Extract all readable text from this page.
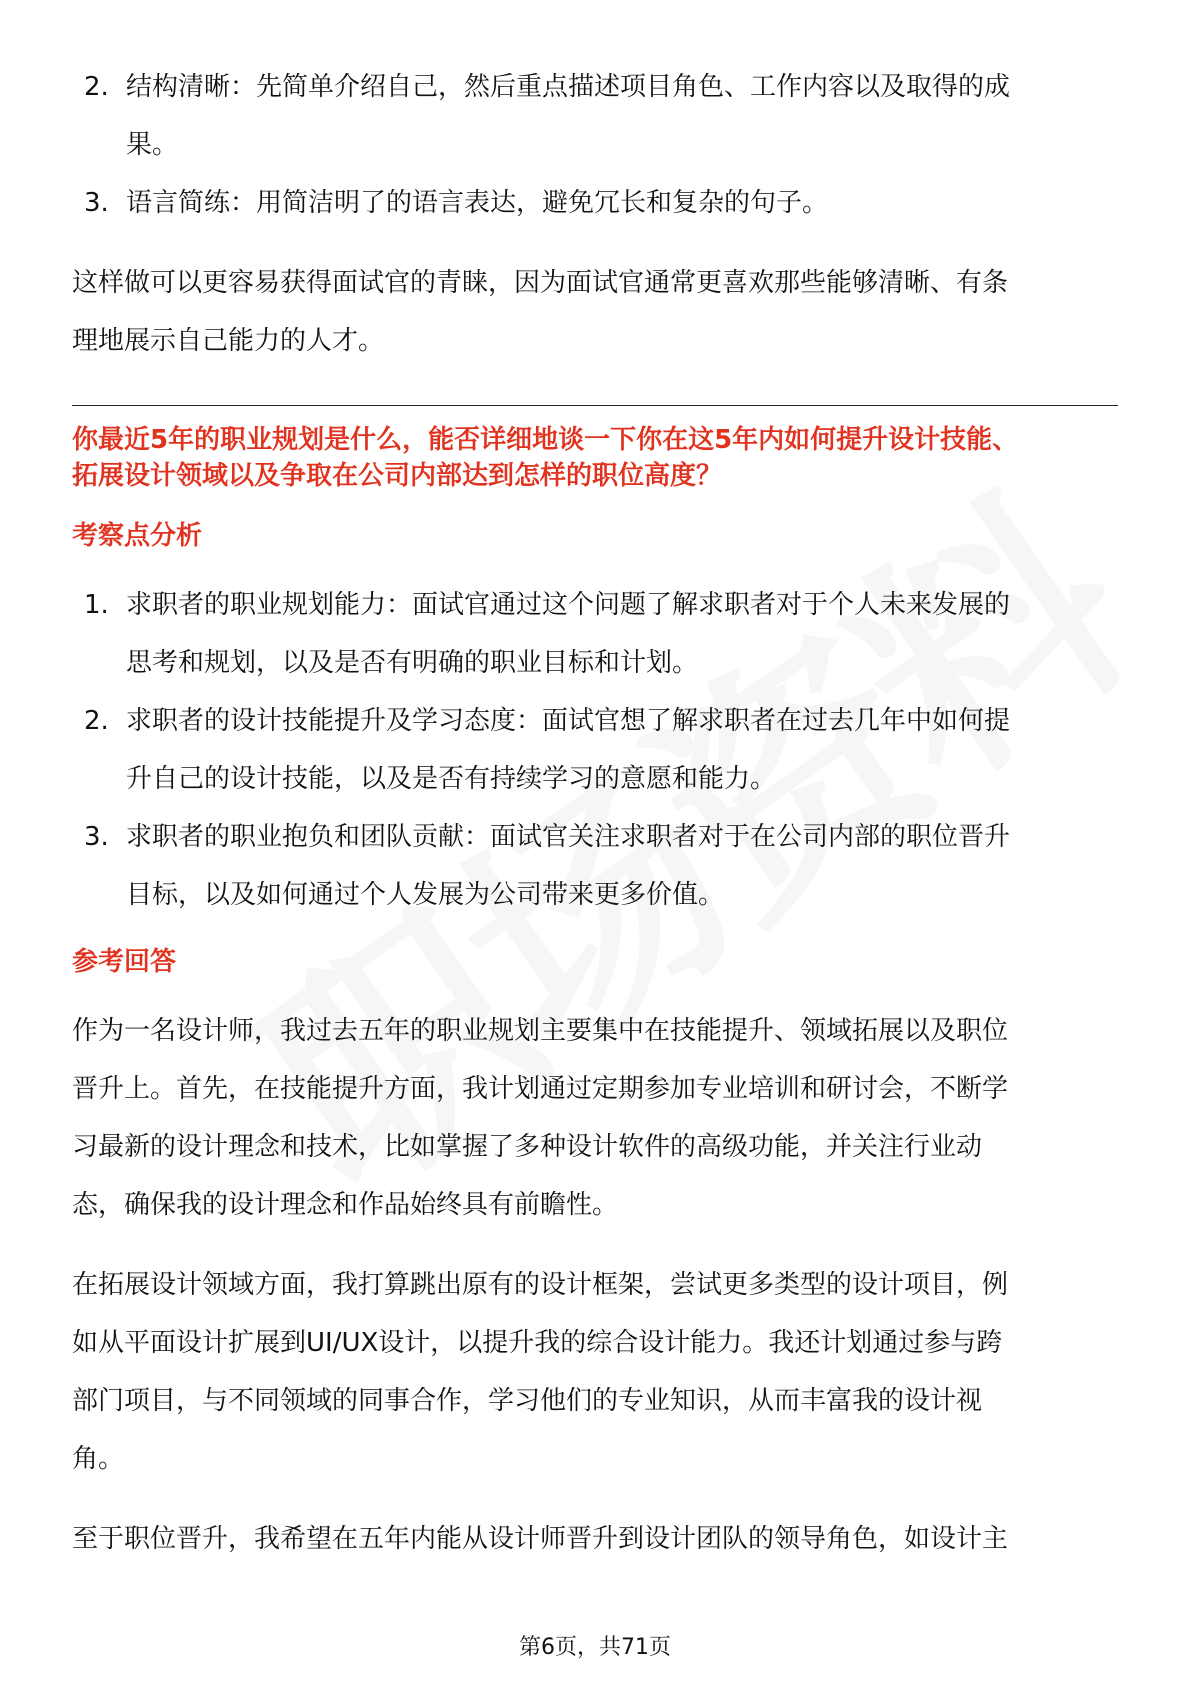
2. 结构清晰：先简单介绍自己，然后重点描述项目角色、工作内容以及取得的成
果。
3. 语言简练：用简洁明了的语言表达，避免冗长和复杂的句子。

这样做可以更容易获得面试官的青睐，因为面试官通常更喜欢那些能够清晰、有条
理地展示自己能力的人才。

你最近5年的职业规划是什么，能否详细地谈一下你在这5年内如何提升设计技能、
拓展设计领域以及争取在公司内部达到怎样的职位高度？

考察点分析

1. 求职者的职业规划能力：面试官通过这个问题了解求职者对于个人未来发展的
思考和规划，以及是否有明确的职业目标和计划。
2. 求职者的设计技能提升及学习态度：面试官想了解求职者在过去几年中如何提
升自己的设计技能，以及是否有持续学习的意愿和能力。
3. 求职者的职业抱负和团队贡献：面试官关注求职者对于在公司内部的职位晋升
目标，以及如何通过个人发展为公司带来更多价值。

参考回答

作为一名设计师，我过去五年的职业规划主要集中在技能提升、领域拓展以及职位
晋升上。首先，在技能提升方面，我计划通过定期参加专业培训和研讨会，不断学
习最新的设计理念和技术，比如掌握了多种设计软件的高级功能，并关注行业动
态，确保我的设计理念和作品始终具有前瞻性。

在拓展设计领域方面，我打算跳出原有的设计框架，尝试更多类型的设计项目，例
如从平面设计扩展到UI/UX设计，以提升我的综合设计能力。我还计划通过参与跨
部门项目，与不同领域的同事合作，学习他们的专业知识，从而丰富我的设计视
角。

至于职位晋升，我希望在五年内能从设计师晋升到设计团队的领导角色，如设计主

第6页，共71页
